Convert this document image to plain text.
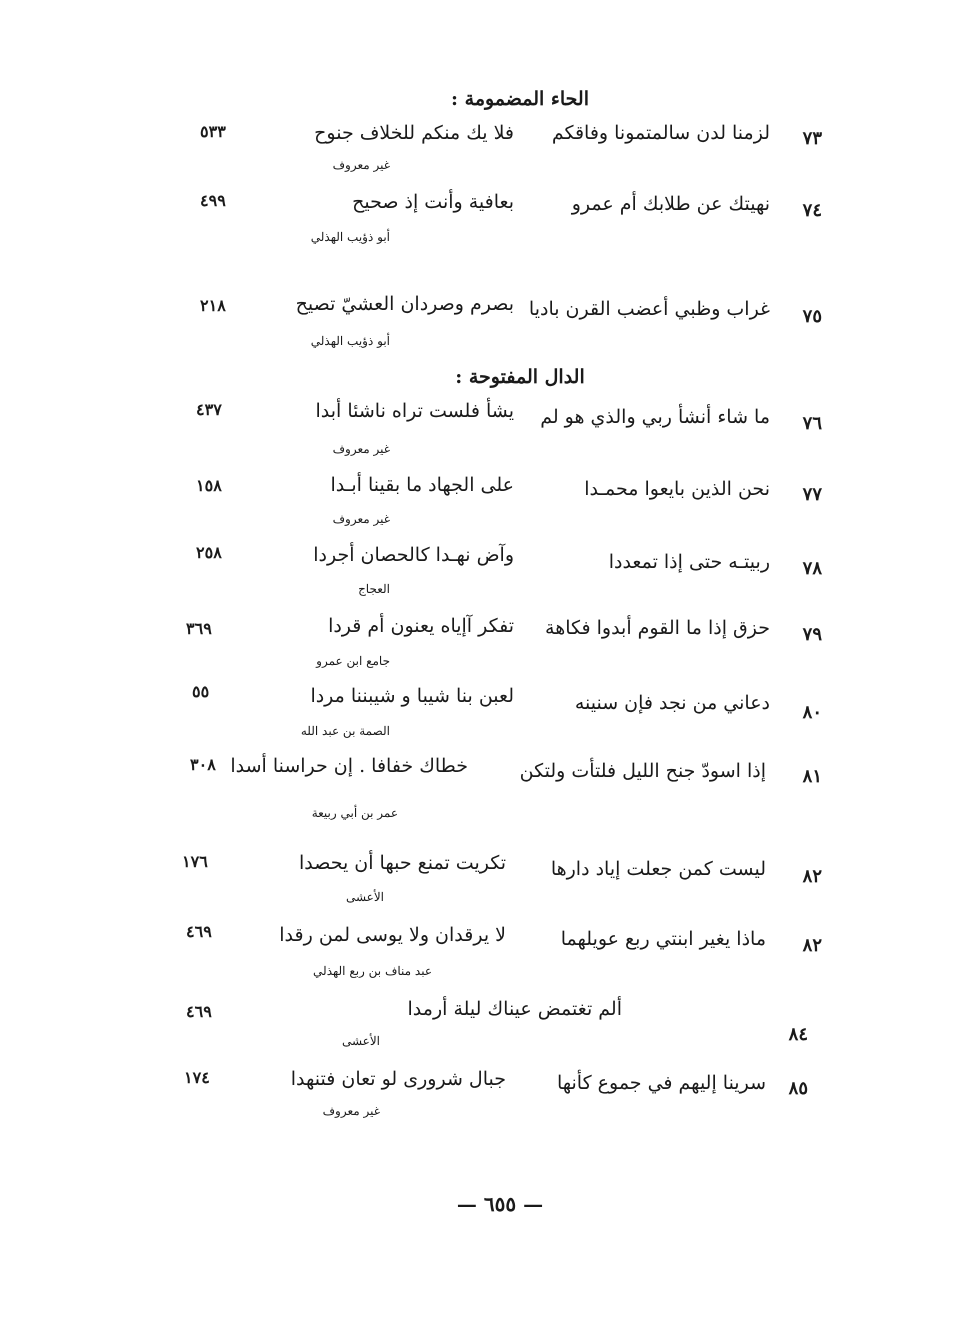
الحاء المضمومة :
الدال المفتوحة :
٧٣
لزمنا لدن سالمتمونا وفاقكم
فلا يك منكم للخلاف جنوح
غير معروف
٥٣٣
٧٤
نهيتك عن طلابك أم عمرو
بعافية وأنت إذ صحيح
أبو ذؤيب الهذلي
٤٩٩
٧٥
غراب وظبي أعضب القرن باديا
بصرم وصردان العشيّ تصيح
أبو ذؤيب الهذلي
٢١٨
٧٦
ما شاء أنشأ ربي والذي هو لم
يشأ فلست تراه ناشئا أبدا
غير معروف
٤٣٧
٧٧
نحن الذين بايعوا محمـدا
على الجهاد ما بقينا أبـدا
غير معروف
١٥٨
٧٨
ربيتـه حتى إذا تمعددا
وآض نهـدا كالحصان أجردا
العجاج
٢٥٨
٧٩
حزق إذا ما القوم أبدوا فكاهة
تفكر آإياه يعنون أم قردا
جامع ابن عمرو
٣٦٩
٨٠
دعاني من نجد فإن سنينه
لعبن بنا شيبا و شيبننا مردا
الصمة بن عبد الله
٥٥
٨١
إذا اسودّ جنح الليل فلتأت ولتكن
خطاك خفافا . إن حراسنا أسدا
عمر بن أبي ربيعة
٣٠٨
٨٢
ليست كمن جعلت إياد دارها
تكريت تمنع حبها أن يحصدا
الأعشى
١٧٦
٨٢
ماذا يغير ابنتي ربع عويلهما
لا يرقدان ولا يوسى لمن رقدا
عبد مناف بن ربع الهذلي
٤٦٩
٨٤
ألم تغتمض عيناك ليلة أرمدا
الأعشى
٤٦٩
٨٥
سرينا إليهم في جموع كأنها
جبال شروری لو تعان فتنهدا
غير معروف
١٧٤
— ٦٥٥ —
